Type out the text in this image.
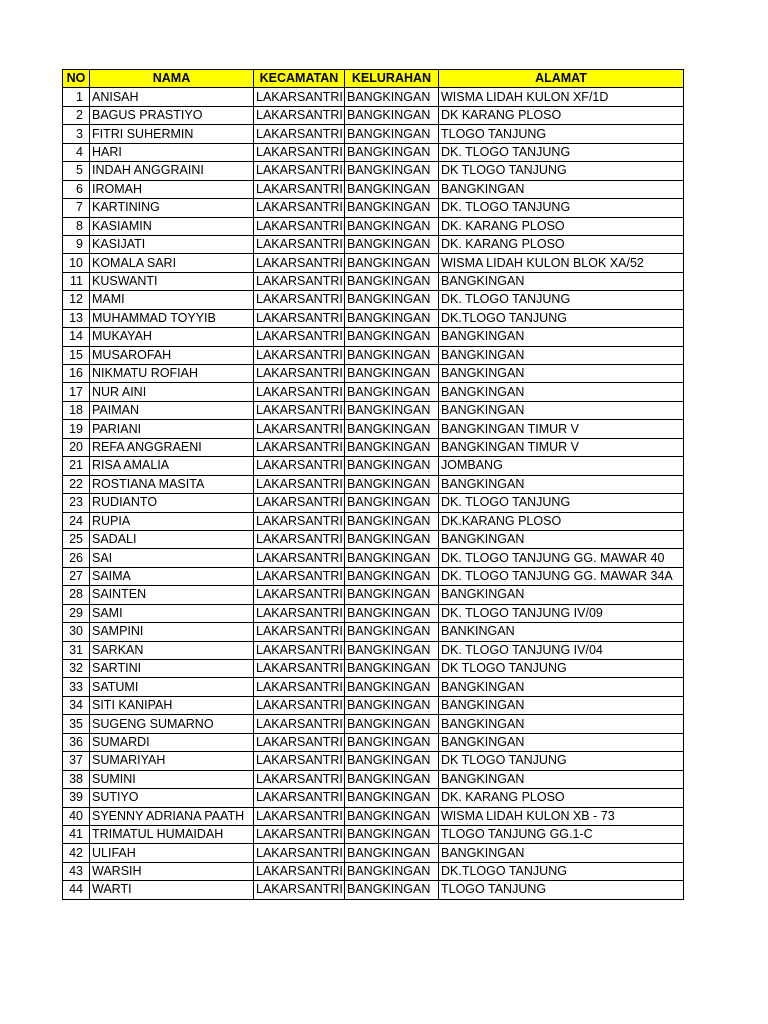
NO	NAMA	KECAMATAN	KELURAHAN	ALAMAT
1	ANISAH	LAKARSANTRI	BANGKINGAN	WISMA LIDAH KULON XF/1D
2	BAGUS PRASTIYO	LAKARSANTRI	BANGKINGAN	DK KARANG PLOSO
3	FITRI SUHERMIN	LAKARSANTRI	BANGKINGAN	TLOGO TANJUNG
4	HARI	LAKARSANTRI	BANGKINGAN	DK. TLOGO TANJUNG
5	INDAH ANGGRAINI	LAKARSANTRI	BANGKINGAN	DK TLOGO TANJUNG
6	IROMAH	LAKARSANTRI	BANGKINGAN	BANGKINGAN
7	KARTINING	LAKARSANTRI	BANGKINGAN	DK. TLOGO TANJUNG
8	KASIAMIN	LAKARSANTRI	BANGKINGAN	DK. KARANG PLOSO
9	KASIJATI	LAKARSANTRI	BANGKINGAN	DK. KARANG PLOSO
10	KOMALA SARI	LAKARSANTRI	BANGKINGAN	WISMA LIDAH KULON BLOK XA/52
11	KUSWANTI	LAKARSANTRI	BANGKINGAN	BANGKINGAN
12	MAMI	LAKARSANTRI	BANGKINGAN	DK. TLOGO TANJUNG
13	MUHAMMAD TOYYIB	LAKARSANTRI	BANGKINGAN	DK.TLOGO TANJUNG
14	MUKAYAH	LAKARSANTRI	BANGKINGAN	BANGKINGAN
15	MUSAROFAH	LAKARSANTRI	BANGKINGAN	BANGKINGAN
16	NIKMATU ROFIAH	LAKARSANTRI	BANGKINGAN	BANGKINGAN
17	NUR AINI	LAKARSANTRI	BANGKINGAN	BANGKINGAN
18	PAIMAN	LAKARSANTRI	BANGKINGAN	BANGKINGAN
19	PARIANI	LAKARSANTRI	BANGKINGAN	BANGKINGAN TIMUR V
20	REFA ANGGRAENI	LAKARSANTRI	BANGKINGAN	BANGKINGAN TIMUR V
21	RISA AMALIA	LAKARSANTRI	BANGKINGAN	JOMBANG
22	ROSTIANA MASITA	LAKARSANTRI	BANGKINGAN	BANGKINGAN
23	RUDIANTO	LAKARSANTRI	BANGKINGAN	DK. TLOGO TANJUNG
24	RUPIA	LAKARSANTRI	BANGKINGAN	DK.KARANG PLOSO
25	SADALI	LAKARSANTRI	BANGKINGAN	BANGKINGAN
26	SAI	LAKARSANTRI	BANGKINGAN	DK. TLOGO TANJUNG GG. MAWAR 40
27	SAIMA	LAKARSANTRI	BANGKINGAN	DK. TLOGO TANJUNG GG. MAWAR 34A
28	SAINTEN	LAKARSANTRI	BANGKINGAN	BANGKINGAN
29	SAMI	LAKARSANTRI	BANGKINGAN	DK. TLOGO TANJUNG IV/09
30	SAMPINI	LAKARSANTRI	BANGKINGAN	BANKINGAN
31	SARKAN	LAKARSANTRI	BANGKINGAN	DK. TLOGO TANJUNG IV/04
32	SARTINI	LAKARSANTRI	BANGKINGAN	DK TLOGO TANJUNG
33	SATUMI	LAKARSANTRI	BANGKINGAN	BANGKINGAN
34	SITI KANIPAH	LAKARSANTRI	BANGKINGAN	BANGKINGAN
35	SUGENG SUMARNO	LAKARSANTRI	BANGKINGAN	BANGKINGAN
36	SUMARDI	LAKARSANTRI	BANGKINGAN	BANGKINGAN
37	SUMARIYAH	LAKARSANTRI	BANGKINGAN	DK TLOGO TANJUNG
38	SUMINI	LAKARSANTRI	BANGKINGAN	BANGKINGAN
39	SUTIYO	LAKARSANTRI	BANGKINGAN	DK. KARANG PLOSO
40	SYENNY ADRIANA PAATH	LAKARSANTRI	BANGKINGAN	WISMA LIDAH KULON XB - 73
41	TRIMATUL HUMAIDAH	LAKARSANTRI	BANGKINGAN	TLOGO TANJUNG GG.1-C
42	ULIFAH	LAKARSANTRI	BANGKINGAN	BANGKINGAN
43	WARSIH	LAKARSANTRI	BANGKINGAN	DK.TLOGO TANJUNG
44	WARTI	LAKARSANTRI	BANGKINGAN	TLOGO TANJUNG
